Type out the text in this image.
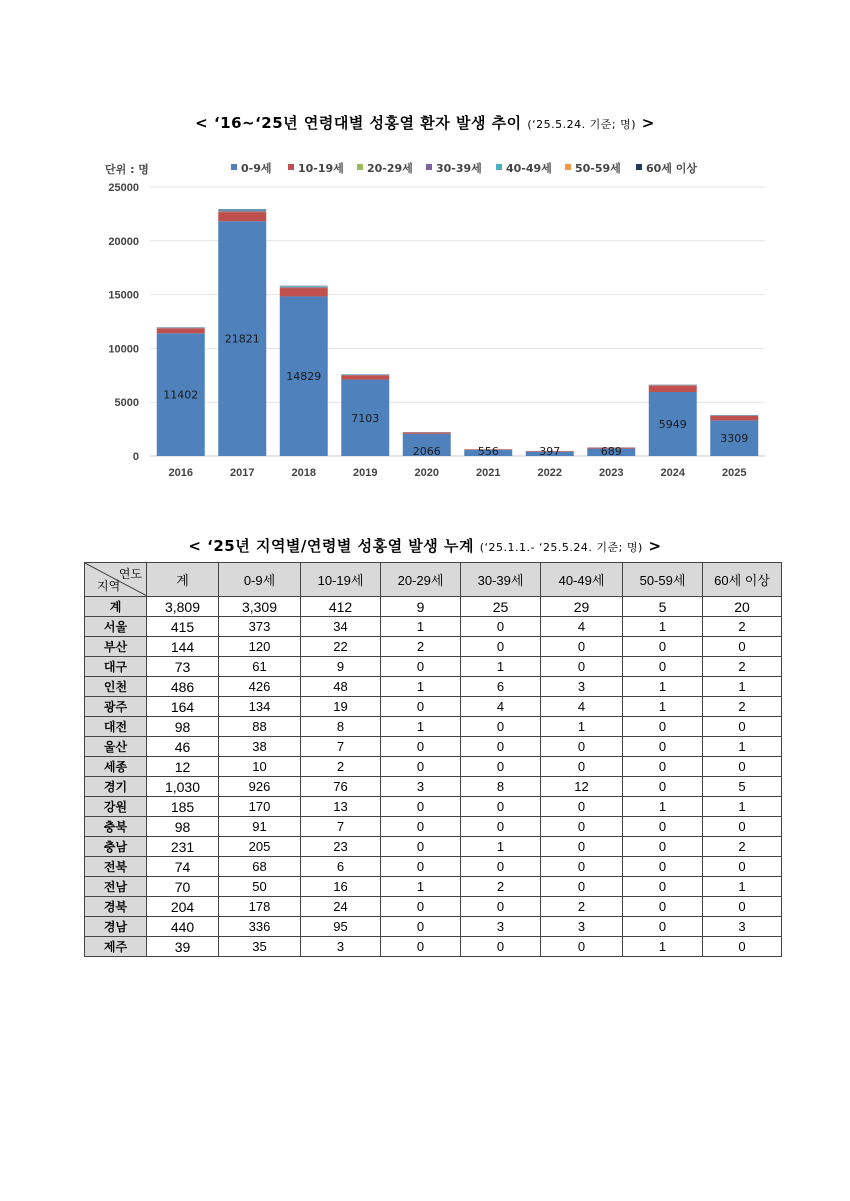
< ‘16~‘25년 연령대별 성홍열 환자 발생 추이 (‘25.5.24. 기준; 명) >
단위 : 명	0-9세 10-19세 20-29세 30-39세 40-49세 50-59세 60세 이상
0
5000
10000
15000
20000
25000
2016
11402
2017
21821
2018
14829
2019
7103
2020
2066
2021
556
2022
397
2023
689
2024
5949
2025
3309
< ‘25년 지역별/연령별 성홍열 발생 누계 (‘25.1.1.- ‘25.5.24. 기준; 명) >
연도
지역	계	0-9세	10-19세	20-29세	30-39세	40-49세	50-59세	60세 이상
계	3,809	3,309	412	9	25	29	5	20
서울	415	373	34	1	0	4	1	2
부산	144	120	22	2	0	0	0	0
대구	73	61	9	0	1	0	0	2
인천	486	426	48	1	6	3	1	1
광주	164	134	19	0	4	4	1	2
대전	98	88	8	1	0	1	0	0
울산	46	38	7	0	0	0	0	1
세종	12	10	2	0	0	0	0	0
경기	1,030	926	76	3	8	12	0	5
강원	185	170	13	0	0	0	1	1
충북	98	91	7	0	0	0	0	0
충남	231	205	23	0	1	0	0	2
전북	74	68	6	0	0	0	0	0
전남	70	50	16	1	2	0	0	1
경북	204	178	24	0	0	2	0	0
경남	440	336	95	0	3	3	0	3
제주	39	35	3	0	0	0	1	0
